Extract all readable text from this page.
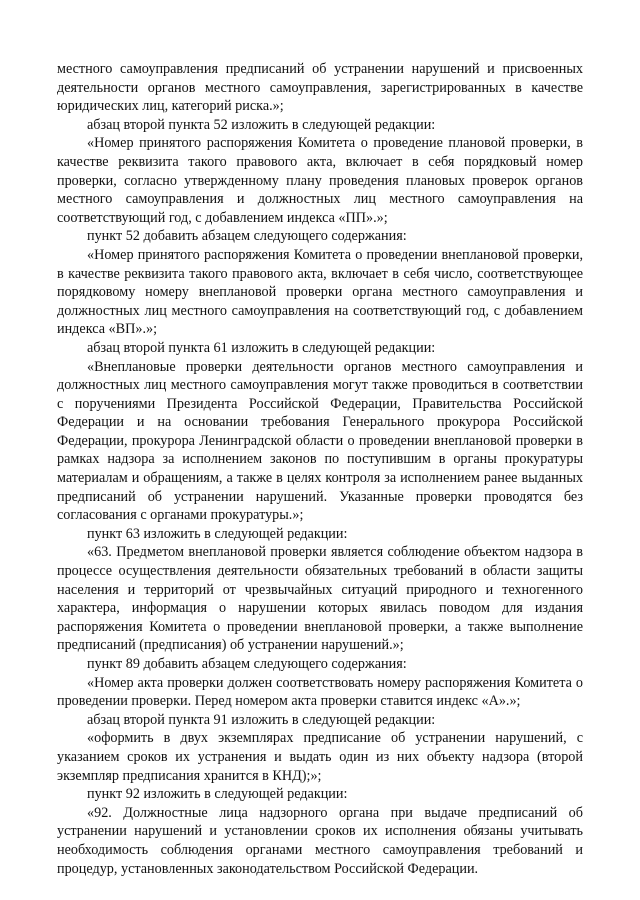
местного самоуправления предписаний об устранении нарушений и присвоенных деятельности органов местного самоуправления, зарегистрированных в качестве юридических лиц, категорий риска.»;

абзац второй пункта 52 изложить в следующей редакции:

«Номер принятого распоряжения Комитета о проведение плановой проверки, в качестве реквизита такого правового акта, включает в себя порядковый номер проверки, согласно утвержденному плану проведения плановых проверок органов местного самоуправления и должностных лиц местного самоуправления на соответствующий год, с добавлением индекса «ПП».»;

пункт 52 добавить абзацем следующего содержания:

«Номер принятого распоряжения Комитета о проведении внеплановой проверки, в качестве реквизита такого правового акта, включает в себя число, соответствующее порядковому номеру внеплановой проверки органа местного самоуправления и должностных лиц местного самоуправления на соответствующий год, с добавлением индекса «ВП».»;

абзац второй пункта 61 изложить в следующей редакции:

«Внеплановые проверки деятельности органов местного самоуправления и должностных лиц местного самоуправления могут также проводиться в соответствии с поручениями Президента Российской Федерации, Правительства Российской Федерации и на основании требования Генерального прокурора Российской Федерации, прокурора Ленинградской области о проведении внеплановой проверки в рамках надзора за исполнением законов по поступившим в органы прокуратуры материалам и обращениям, а также в целях контроля за исполнением ранее выданных предписаний об устранении нарушений. Указанные проверки проводятся без согласования с органами прокуратуры.»;

пункт 63 изложить в следующей редакции:

«63. Предметом внеплановой проверки является соблюдение объектом надзора в процессе осуществления деятельности обязательных требований в области защиты населения и территорий от чрезвычайных ситуаций природного и техногенного характера, информация о нарушении которых явилась поводом для издания распоряжения Комитета о проведении внеплановой проверки, а также выполнение предписаний (предписания) об устранении нарушений.»;

пункт 89 добавить абзацем следующего содержания:

«Номер акта проверки должен соответствовать номеру распоряжения Комитета о проведении проверки. Перед номером акта проверки ставится индекс «А».»;

абзац второй пункта 91 изложить в следующей редакции:

«оформить в двух экземплярах предписание об устранении нарушений, с указанием сроков их устранения и выдать один из них объекту надзора (второй экземпляр предписания хранится в КНД);»;

пункт 92 изложить в следующей редакции:

«92. Должностные лица надзорного органа при выдаче предписаний об устранении нарушений и установлении сроков их исполнения обязаны учитывать необходимость соблюдения органами местного самоуправления требований и процедур, установленных законодательством Российской Федерации.
